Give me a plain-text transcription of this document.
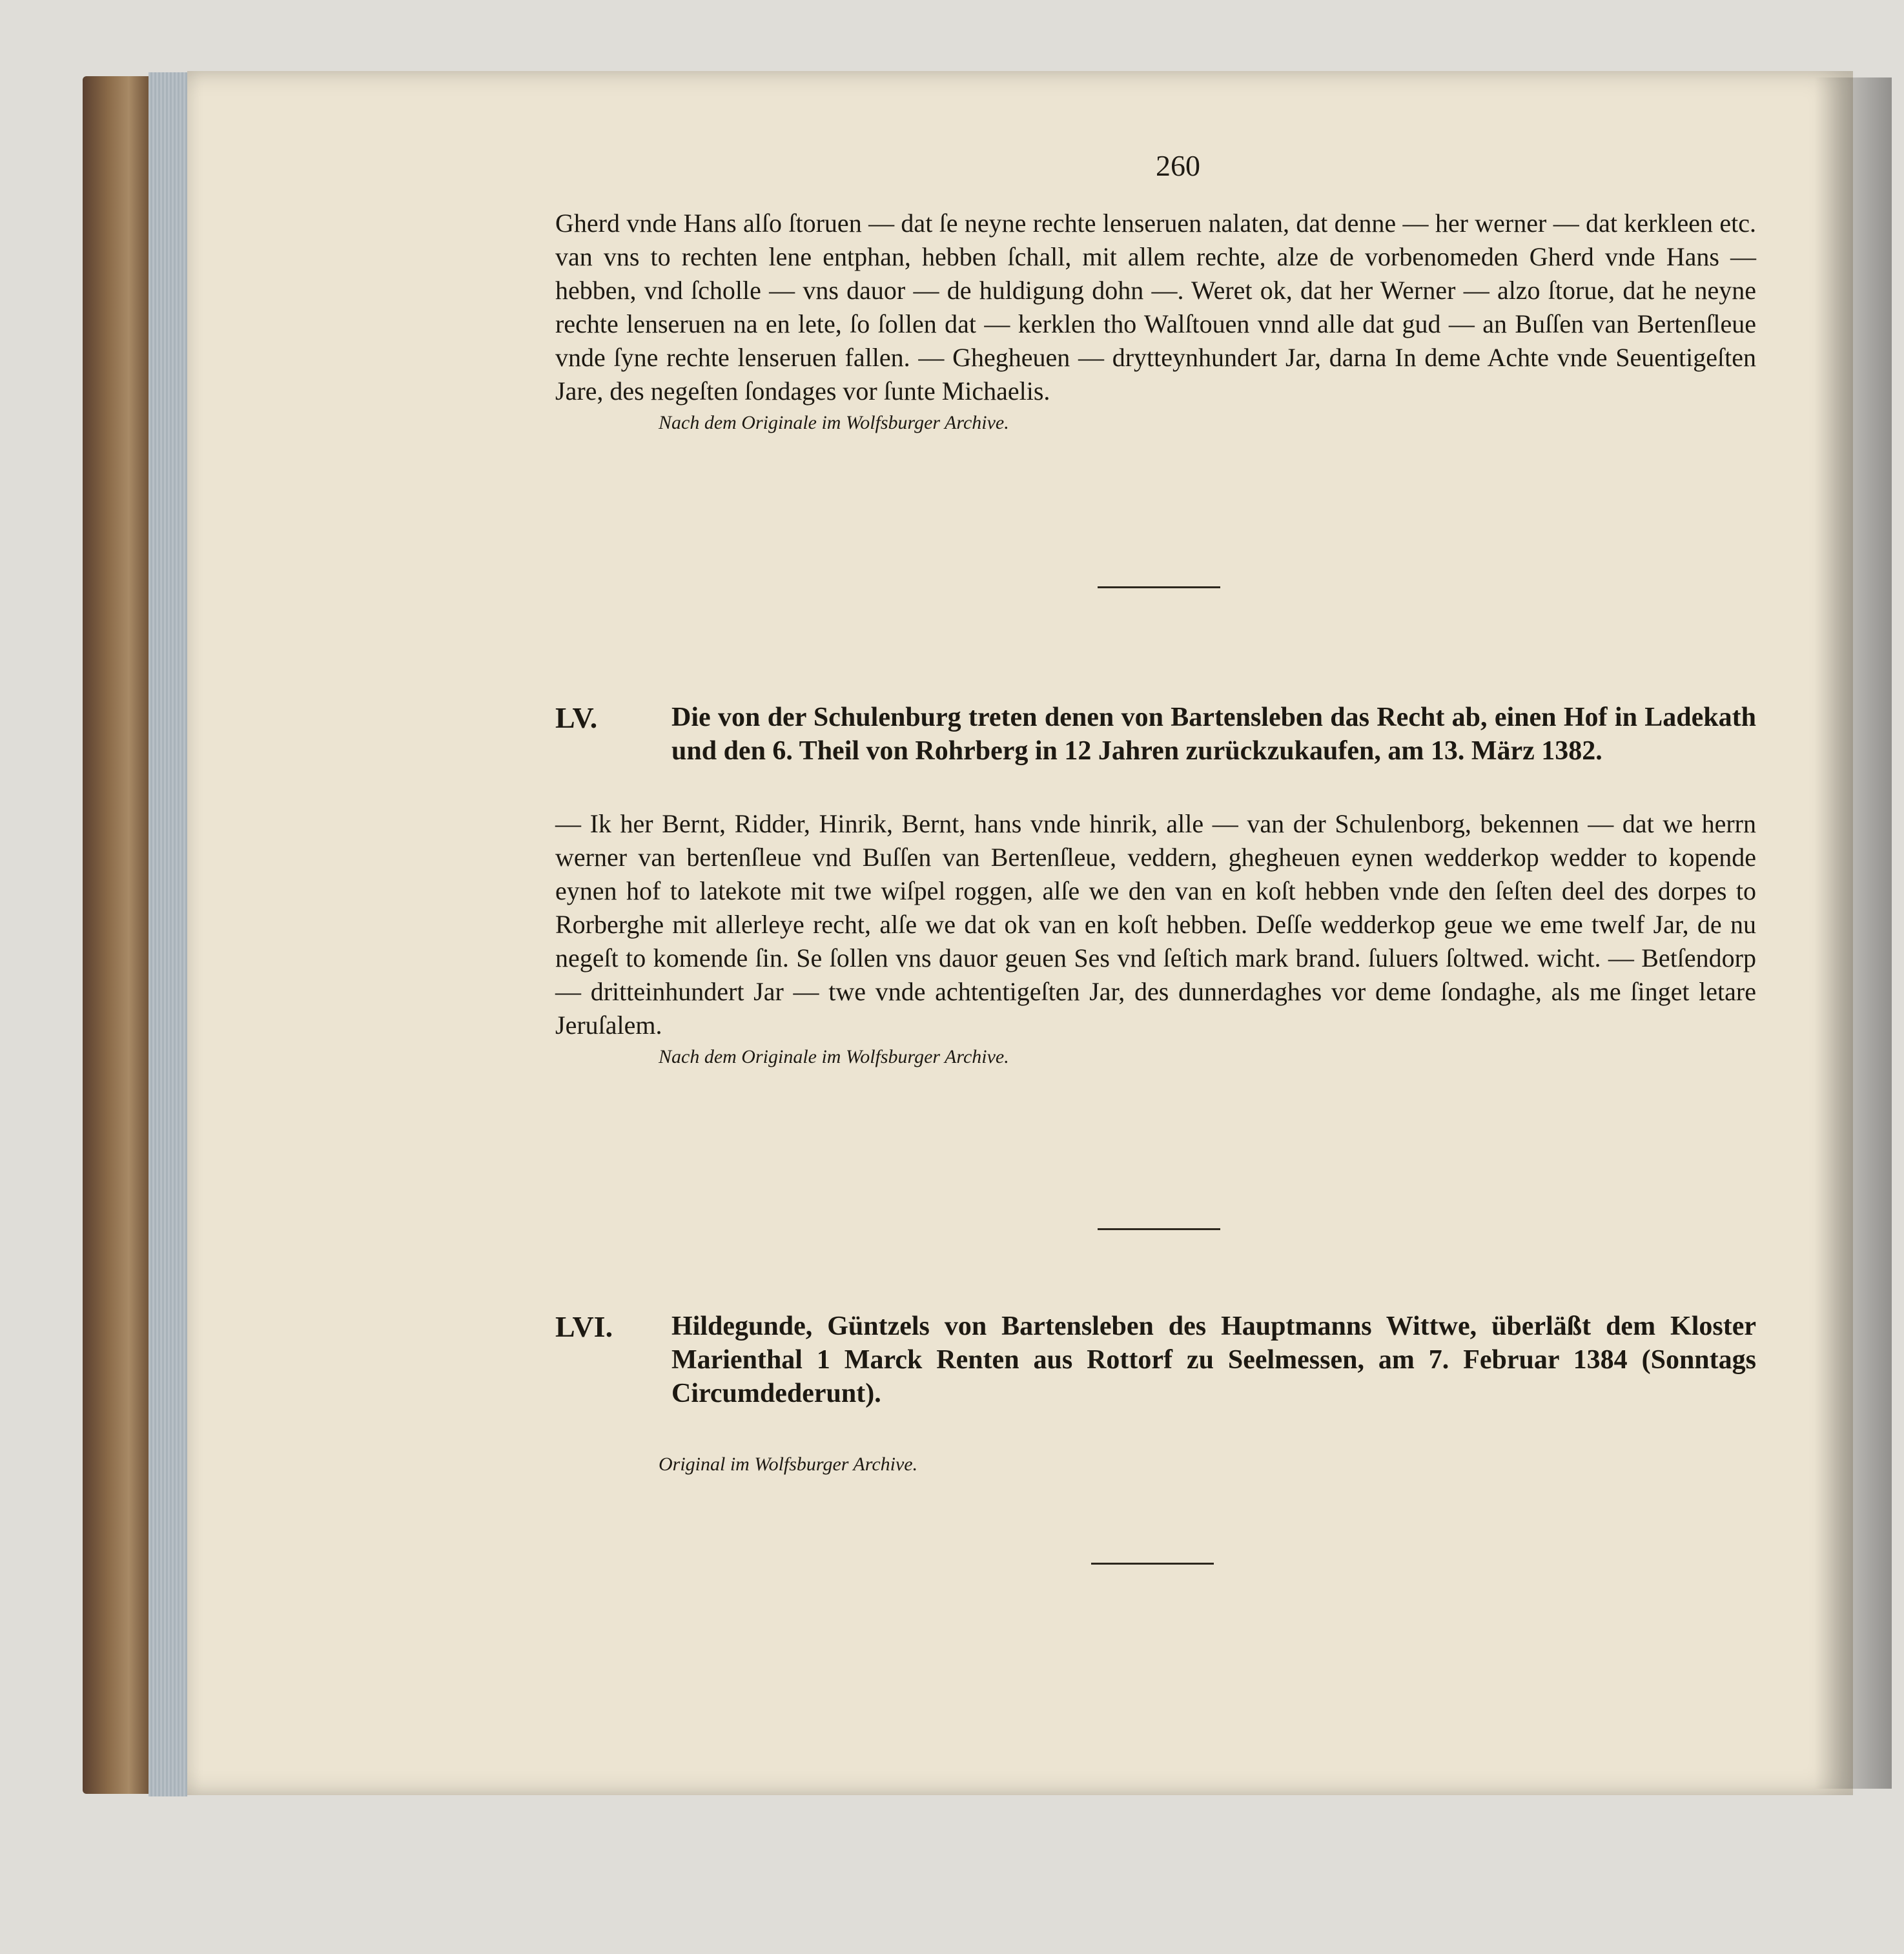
260

Gherd vnde Hans alſo ſtoruen — dat ſe neyne rechte lenseruen nalaten, dat denne — her werner — dat kerkleen etc. van vns to rechten lene entphan, hebben ſchall, mit allem rechte, alze de vorbenomeden Gherd vnde Hans — hebben, vnd ſcholle — vns dauor — de huldigung dohn —. Weret ok, dat her Werner — alzo ſtorue, dat he neyne rechte lenseruen na en lete, ſo ſollen dat — kerklen tho Walſtouen vnnd alle dat gud — an Buſſen van Bertenſleue vnde ſyne rechte lenseruen fallen. — Ghegheuen — drytteynhundert Jar, darna In deme Achte vnde Seuentigeſten Jare, des negeſten ſondages vor ſunte Michaelis.

Nach dem Originale im Wolfsburger Archive.
LV.	Die von der Schulenburg treten denen von Bartensleben das Recht ab, einen Hof in Ladekath und den 6. Theil von Rohrberg in 12 Jahren zurückzukaufen, am 13. März 1382.

— Ik her Bernt, Ridder, Hinrik, Bernt, hans vnde hinrik, alle — van der Schulenborg, bekennen — dat we herrn werner van bertenſleue vnd Buſſen van Bertenſleue, veddern, ghegheuen eynen wedderkop wedder to kopende eynen hof to latekote mit twe wiſpel roggen, alſe we den van en koſt hebben vnde den ſeſten deel des dorpes to Rorberghe mit allerleye recht, alſe we dat ok van en koſt hebben. Deſſe wedderkop geue we eme twelf Jar, de nu negeſt to komende ſin. Se ſollen vns dauor geuen Ses vnd ſeſtich mark brand. ſuluers ſoltwed. wicht. — Betſendorp — dritteinhundert Jar — twe vnde achtentigeſten Jar, des dunnerdaghes vor deme ſondaghe, als me ſinget letare Jeruſalem.

Nach dem Originale im Wolfsburger Archive.
LVI. Hildegunde, Güntzels von Bartensleben des Hauptmanns Wittwe, überläßt dem Kloster Marienthal 1 Marck Renten aus Rottorf zu Seelmessen, am 7. Februar 1384 (Sonntags Circumdederunt).
Original im Wolfsburger Archive.
